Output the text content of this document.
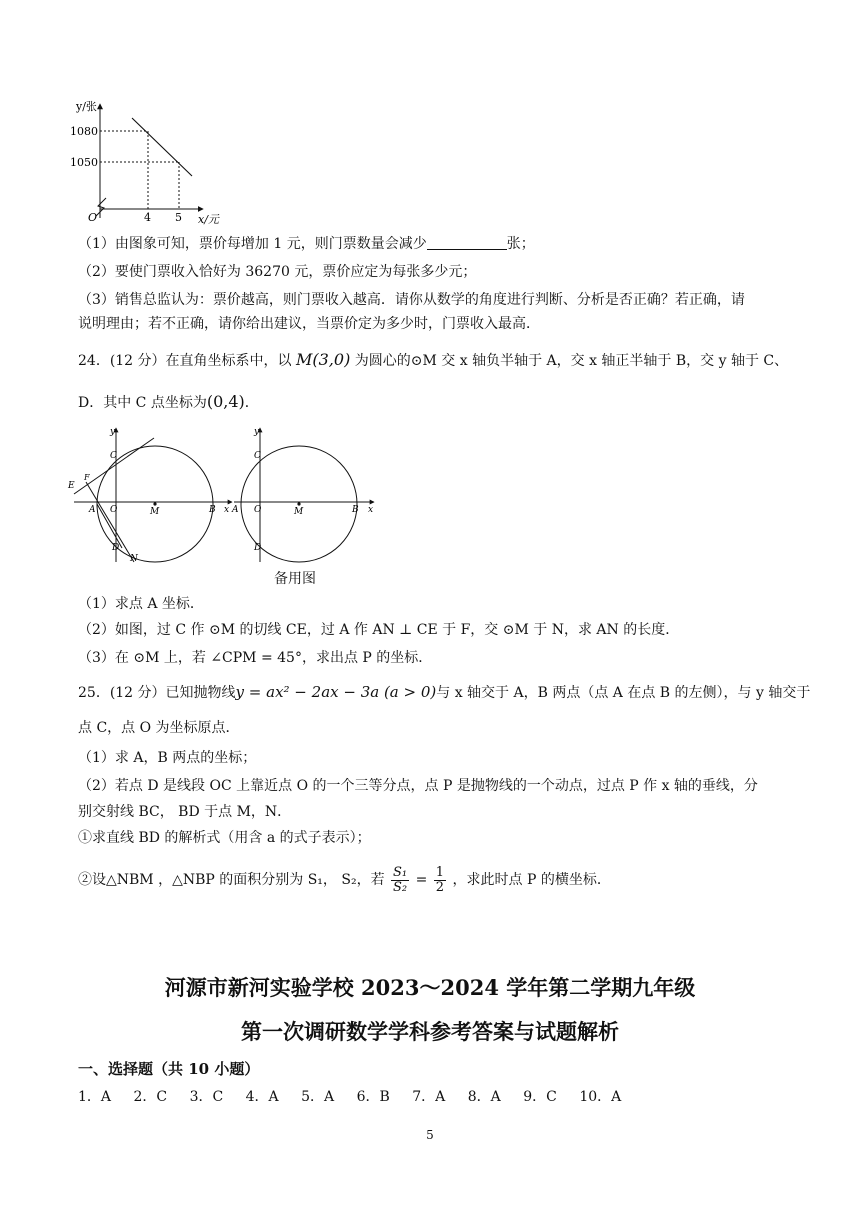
y/张
x/元
1080
1050
4 5
O
（1）由图象可知，票价每增加 1 元，则门票数量会减少	张；
（2）要使门票收入恰好为 36270 元，票价应定为每张多少元；
（3）销售总监认为：票价越高，则门票收入越高．请你从数学的角度进行判断、分析是否正确？若正确，请
说明理由；若不正确，请你给出建议，当票价定为多少时，门票收入最高．
24．(12 分）在直角坐标系中，以 M(3,0) 为圆心的⊙M 交 x 轴负半轴于 A，交 x 轴正半轴于 B，交 y 轴于 C、
D．其中 C 点坐标为(0,4)．
y
C
E
F
A O	M	B x
D
N
y
C
A O	M	B x
D
备用图
（1）求点 A 坐标．
（2）如图，过 C 作 ⊙M 的切线 CE，过 A 作 AN ⊥ CE 于 F，交 ⊙M 于 N，求 AN 的长度．
（3）在 ⊙M 上，若 ∠CPM = 45°，求出点 P 的坐标．
25．(12 分）已知抛物线y = ax² − 2ax − 3a (a > 0)与 x 轴交于 A，B 两点（点 A 在点 B 的左侧），与 y 轴交于
点 C，点 O 为坐标原点．
（1）求 A，B 两点的坐标；
（2）若点 D 是线段 OC 上靠近点 O 的一个三等分点，点 P 是抛物线的一个动点，过点 P 作 x 轴的垂线，分
别交射线 BC， BD 于点 M，N．
①求直线 BD 的解析式（用含 a 的式子表示）；
②设△NBM ，△NBP 的面积分别为 S₁， S₂，若 $\frac{\text{S₁}}{\text{S₂}} = \frac{1}{2}$ ，求此时点 P 的横坐标．
河源市新河实验学校 2023～2024 学年第二学期九年级
第一次调研数学学科参考答案与试题解析
一、选择题（共 10 小题）
1．A 2．C 3．C 4．A 5．A 6．B 7．A 8．A 9．C 10．A
5
